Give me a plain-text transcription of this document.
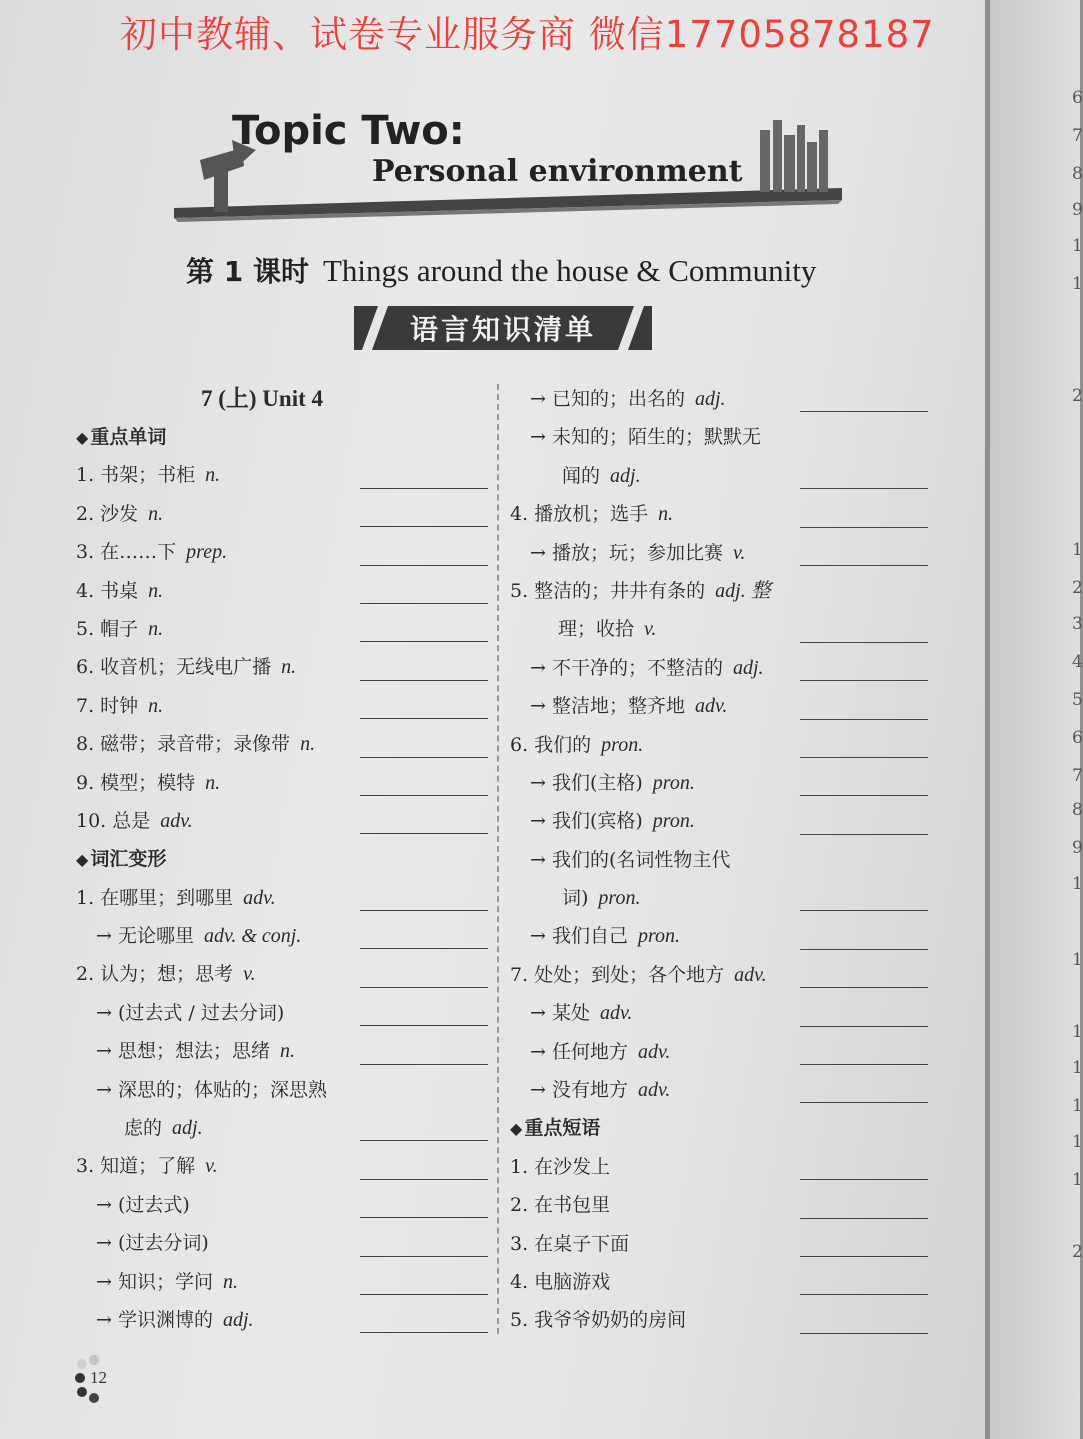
初中教辅、试卷专业服务商 微信17705878187
Topic Two:
Personal environment
第 1 课时 Things around the house & Community
语言知识清单
7 (上) Unit 4
◆ 重点单词
1. 书架；书柜 n.
2. 沙发 n.
3. 在……下 prep.
4. 书桌 n.
5. 帽子 n.
6. 收音机；无线电广播 n.
7. 时钟 n.
8. 磁带；录音带；录像带 n.
9. 模型；模特 n.
10. 总是 adv.
◆ 词汇变形
1. 在哪里；到哪里 adv.
→ 无论哪里 adv. & conj.
2. 认为；想；思考 v.
→ (过去式 / 过去分词)
→ 思想；想法；思绪 n.
→ 深思的；体贴的；深思熟
虑的 adj.
3. 知道；了解 v.
→ (过去式)
→ (过去分词)
→ 知识；学问 n.
→ 学识渊博的 adj.
→ 已知的；出名的 adj.
→ 未知的；陌生的；默默无
闻的 adj.
4. 播放机；选手 n.
→ 播放；玩；参加比赛 v.
5. 整洁的；井井有条的 adj. 整
理；收拾 v.
→ 不干净的；不整洁的 adj.
→ 整洁地；整齐地 adv.
6. 我们的 pron.
→ 我们(主格) pron.
→ 我们(宾格) pron.
→ 我们的(名词性物主代
词) pron.
→ 我们自己 pron.
7. 处处；到处；各个地方 adv.
→ 某处 adv.
→ 任何地方 adv.
→ 没有地方 adv.
◆ 重点短语
1. 在沙发上
2. 在书包里
3. 在桌子下面
4. 电脑游戏
5. 我爷爷奶奶的房间
12
6
7
8
9
1
1
2
1
2
3
4
5
6
7
8
9
1
1
1
1
1
1
1
2
